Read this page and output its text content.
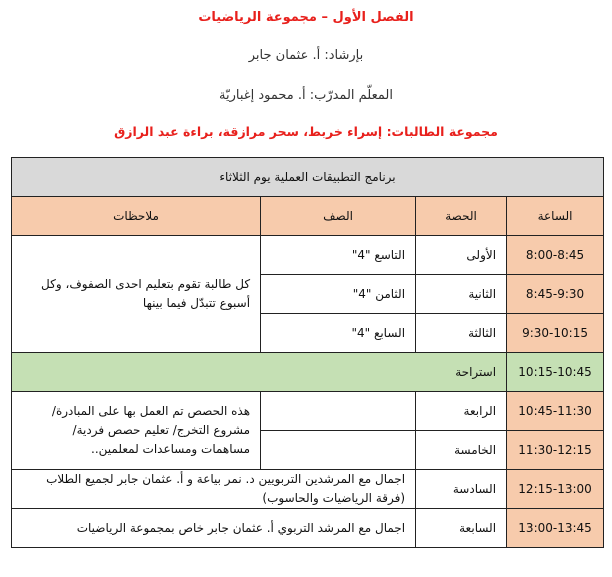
الفصل الأول – مجموعة الرياضيات
بإرشاد: أ. عثمان جابر
المعلّم المدرّب: أ. محمود إغباريّة
مجموعة الطالبات: إسراء خربط، سحر مرازقة، براءة عبد الرازق
برنامج التطبيقات العملية يوم الثلاثاء			
الساعة	الحصة	الصف	ملاحظات
8:00-8:45	الأولى	التاسع "4"	كل طالبة تقوم بتعليم احدى الصفوف، وكل أسبوع تتبدّل فيما بينها
8:45-9:30	الثانية	الثامن "4"	
9:30-10:15	الثالثة	السابع "4"	
10:15-10:45	استراحة		
10:45-11:30	الرابعة		هذه الحصص تم العمل بها على المبادرة/ مشروع التخرج/ تعليم حصص فردية/ مساهمات ومساعدات لمعلمين..
11:30-12:15	الخامسة		
12:15-13:00	السادسة	اجمال مع المرشدين التربويين د. نمر بياعة و أ. عثمان جابر لجميع الطلاب (فرقة الرياضيات والحاسوب)	
13:00-13:45	السابعة	اجمال مع المرشد التربوي أ. عثمان جابر خاص بمجموعة الرياضيات	
